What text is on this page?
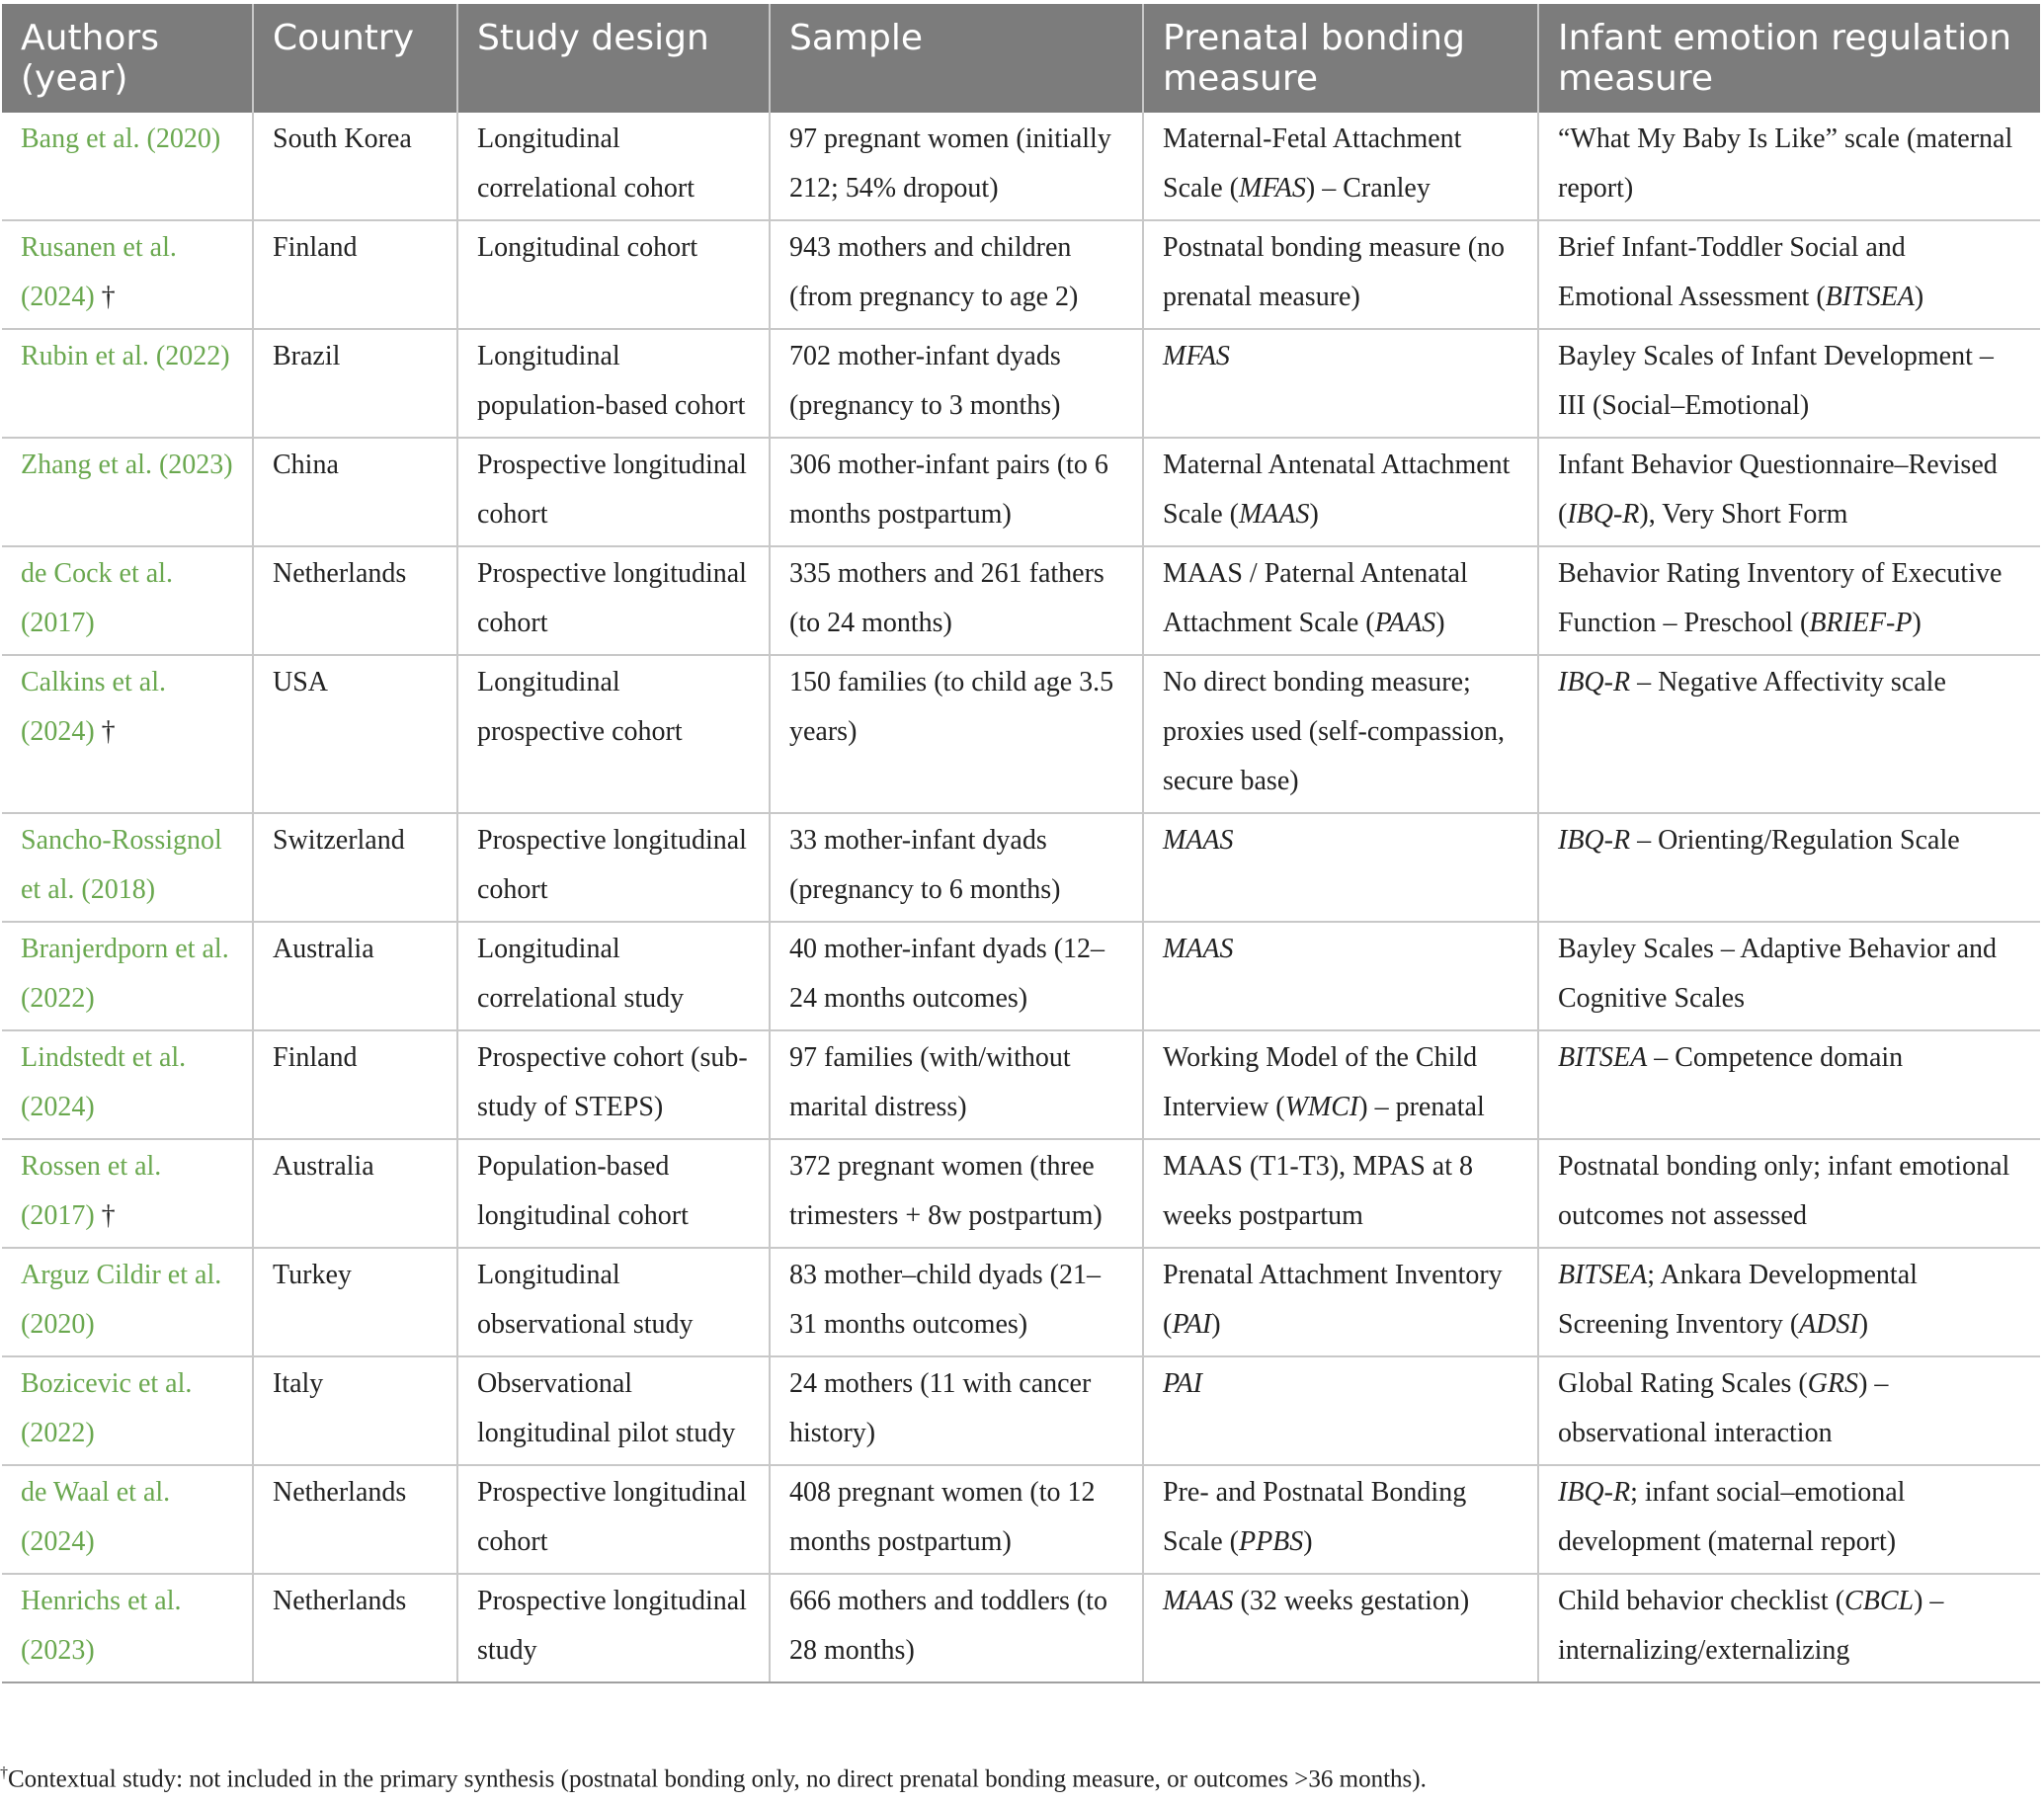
Authors (year)	Country	Study design	Sample	Prenatal bonding measure	Infant emotion regulation measure
Bang et al. (2020)	South Korea	Longitudinal correlational cohort	97 pregnant women (initially 212; 54% dropout)	Maternal-Fetal Attachment Scale (MFAS) – Cranley	“What My Baby Is Like” scale (maternal report)
Rusanen et al. (2024) †	Finland	Longitudinal cohort	943 mothers and children (from pregnancy to age 2)	Postnatal bonding measure (no prenatal measure)	Brief Infant-Toddler Social and Emotional Assessment (BITSEA)
Rubin et al. (2022)	Brazil	Longitudinal population-based cohort	702 mother-infant dyads (pregnancy to 3 months)	MFAS	Bayley Scales of Infant Development – III (Social–Emotional)
Zhang et al. (2023)	China	Prospective longitudinal cohort	306 mother-infant pairs (to 6 months postpartum)	Maternal Antenatal Attachment Scale (MAAS)	Infant Behavior Questionnaire–Revised (IBQ-R), Very Short Form
de Cock et al. (2017)	Netherlands	Prospective longitudinal cohort	335 mothers and 261 fathers (to 24 months)	MAAS / Paternal Antenatal Attachment Scale (PAAS)	Behavior Rating Inventory of Executive Function – Preschool (BRIEF-P)
Calkins et al. (2024) †	USA	Longitudinal prospective cohort	150 families (to child age 3.5 years)	No direct bonding measure; proxies used (self-compassion, secure base)	IBQ-R – Negative Affectivity scale
Sancho-Rossignol et al. (2018)	Switzerland	Prospective longitudinal cohort	33 mother-infant dyads (pregnancy to 6 months)	MAAS	IBQ-R – Orienting/Regulation Scale
Branjerdporn et al. (2022)	Australia	Longitudinal correlational study	40 mother-infant dyads (12–24 months outcomes)	MAAS	Bayley Scales – Adaptive Behavior and Cognitive Scales
Lindstedt et al. (2024)	Finland	Prospective cohort (sub-study of STEPS)	97 families (with/without marital distress)	Working Model of the Child Interview (WMCI) – prenatal	BITSEA – Competence domain
Rossen et al. (2017) †	Australia	Population-based longitudinal cohort	372 pregnant women (three trimesters + 8w postpartum)	MAAS (T1-T3), MPAS at 8 weeks postpartum	Postnatal bonding only; infant emotional outcomes not assessed
Arguz Cildir et al. (2020)	Turkey	Longitudinal observational study	83 mother–child dyads (21–31 months outcomes)	Prenatal Attachment Inventory (PAI)	BITSEA; Ankara Developmental Screening Inventory (ADSI)
Bozicevic et al. (2022)	Italy	Observational longitudinal pilot study	24 mothers (11 with cancer history)	PAI	Global Rating Scales (GRS) – observational interaction
de Waal et al. (2024)	Netherlands	Prospective longitudinal cohort	408 pregnant women (to 12 months postpartum)	Pre- and Postnatal Bonding Scale (PPBS)	IBQ-R; infant social–emotional development (maternal report)
Henrichs et al. (2023)	Netherlands	Prospective longitudinal study	666 mothers and toddlers (to 28 months)	MAAS (32 weeks gestation)	Child behavior checklist (CBCL) – internalizing/externalizing
†Contextual study: not included in the primary synthesis (postnatal bonding only, no direct prenatal bonding measure, or outcomes >36 months).
